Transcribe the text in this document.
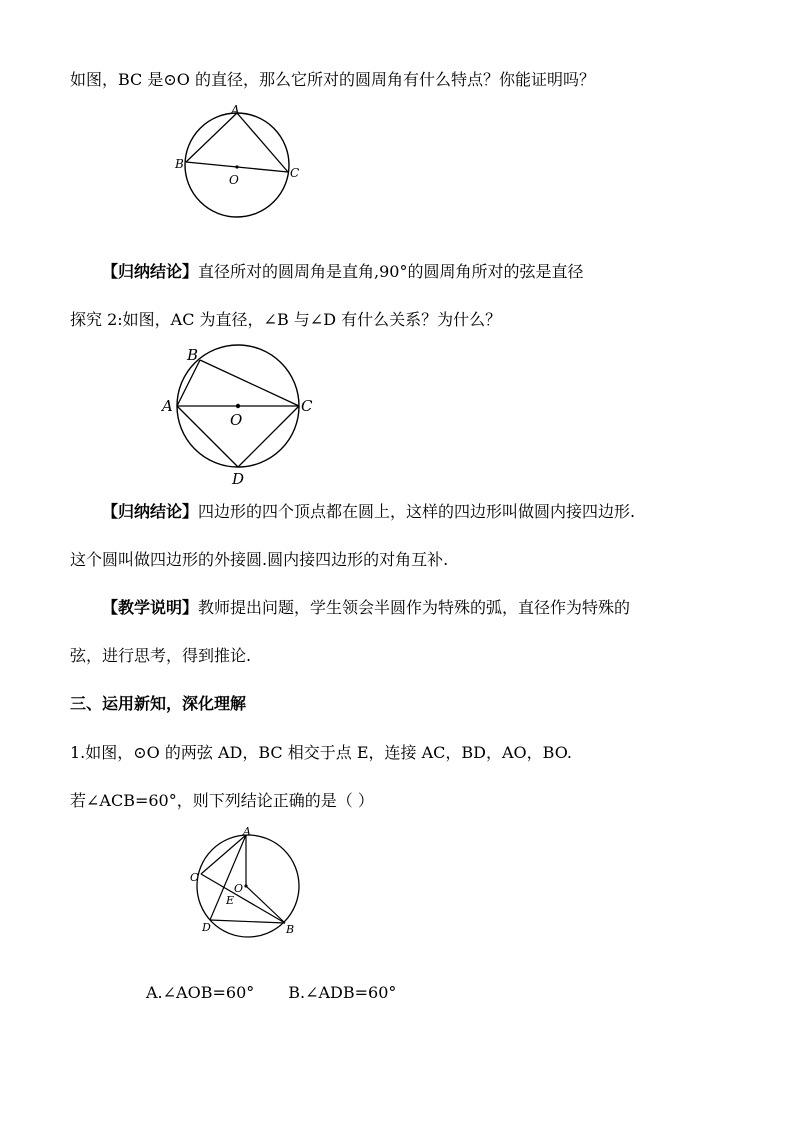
如图，BC 是⊙O 的直径，那么它所对的圆周角有什么特点？你能证明吗？
A
B
C
O
【归纳结论】直径所对的圆周角是直角,90°的圆周角所对的弦是直径
探究 2:如图，AC 为直径，∠B 与∠D 有什么关系？为什么？
A
B
C
D
O
【归纳结论】四边形的四个顶点都在圆上，这样的四边形叫做圆内接四边形.
这个圆叫做四边形的外接圆.圆内接四边形的对角互补.
【教学说明】教师提出问题，学生领会半圆作为特殊的弧，直径作为特殊的
弦，进行思考，得到推论.
三、运用新知，深化理解
1.如图，⊙O 的两弦 AD，BC 相交于点 E，连接 AC，BD，AO，BO.
若∠ACB=60°，则下列结论正确的是（ ）
A
B
C
D
E
O
A.∠AOB=60° B.∠ADB=60°
